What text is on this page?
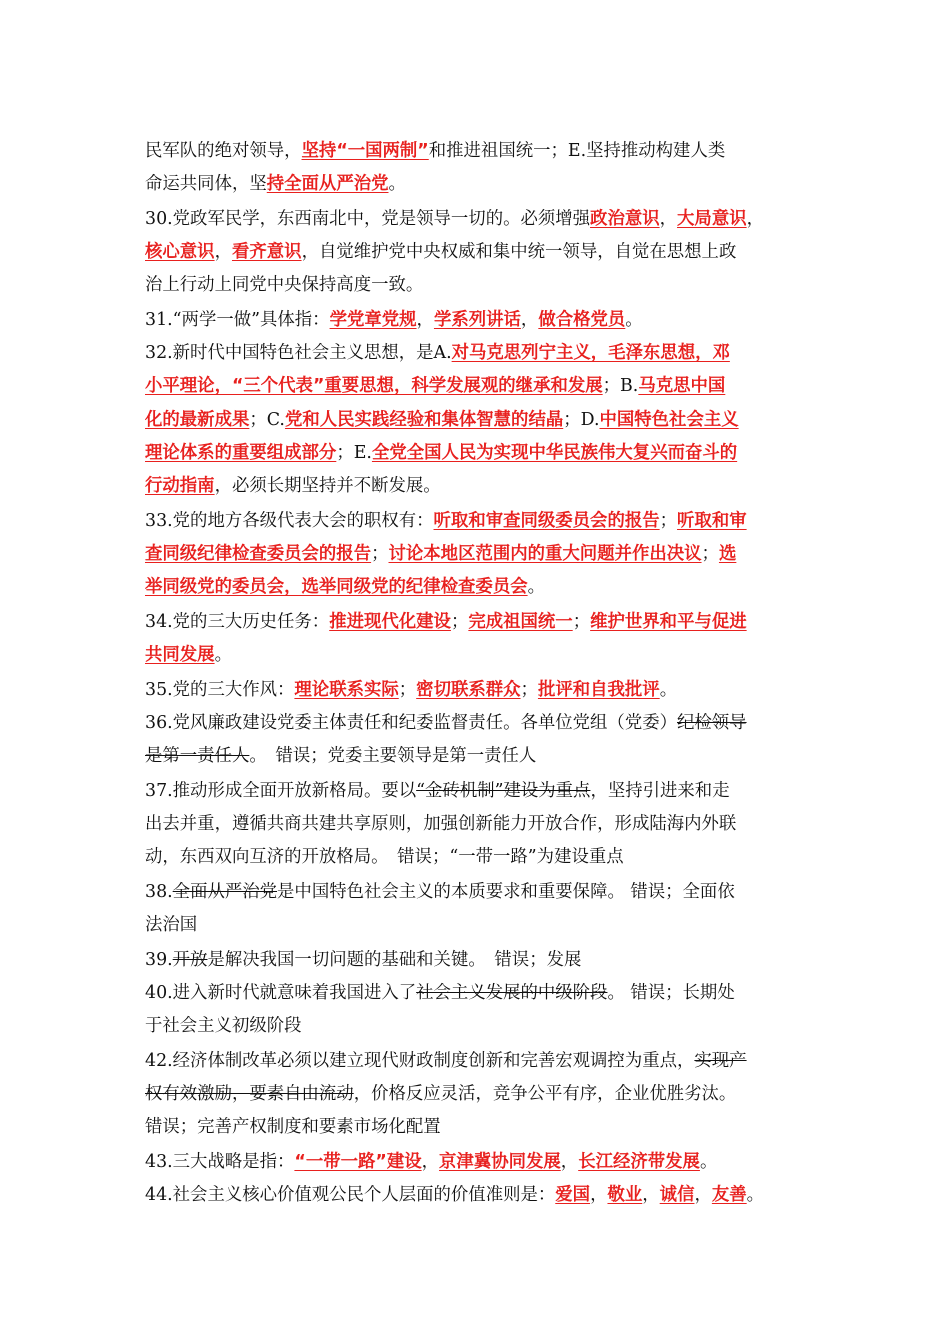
民军队的绝对领导，坚持“一国两制”和推进祖国统一；E.坚持推动构建人类
命运共同体，坚持全面从严治党。
30.党政军民学，东西南北中，党是领导一切的。必须增强政治意识，大局意识，
核心意识，看齐意识，自觉维护党中央权威和集中统一领导，自觉在思想上政
治上行动上同党中央保持高度一致。
31.“两学一做”具体指：学党章党规，学系列讲话，做合格党员。
32.新时代中国特色社会主义思想，是A.对马克思列宁主义，毛泽东思想，邓
小平理论，“三个代表”重要思想，科学发展观的继承和发展；B.马克思中国
化的最新成果；C.党和人民实践经验和集体智慧的结晶；D.中国特色社会主义
理论体系的重要组成部分；E.全党全国人民为实现中华民族伟大复兴而奋斗的
行动指南，必须长期坚持并不断发展。
33.党的地方各级代表大会的职权有：听取和审查同级委员会的报告；听取和审
查同级纪律检查委员会的报告；讨论本地区范围内的重大问题并作出决议；选
举同级党的委员会，选举同级党的纪律检查委员会。
34.党的三大历史任务：推进现代化建设；完成祖国统一；维护世界和平与促进
共同发展。
35.党的三大作风：理论联系实际；密切联系群众；批评和自我批评。
36.党风廉政建设党委主体责任和纪委监督责任。各单位党组（党委）纪检领导
是第一责任人。　错误；党委主要领导是第一责任人
37.推动形成全面开放新格局。要以“金砖机制”建设为重点，坚持引进来和走
出去并重，遵循共商共建共享原则，加强创新能力开放合作，形成陆海内外联
动，东西双向互济的开放格局。　错误；“一带一路”为建设重点
38.全面从严治党是中国特色社会主义的本质要求和重要保障。 错误；全面依
法治国
39.开放是解决我国一切问题的基础和关键。　错误；发展
40.进入新时代就意味着我国进入了社会主义发展的中级阶段。 错误；长期处
于社会主义初级阶段
42.经济体制改革必须以建立现代财政制度创新和完善宏观调控为重点，实现产
权有效激励，要素自由流动，价格反应灵活，竞争公平有序，企业优胜劣汰。
错误；完善产权制度和要素市场化配置
43.三大战略是指：“一带一路”建设，京津冀协同发展，长江经济带发展。
44.社会主义核心价值观公民个人层面的价值准则是：爱国，敬业，诚信，友善。
